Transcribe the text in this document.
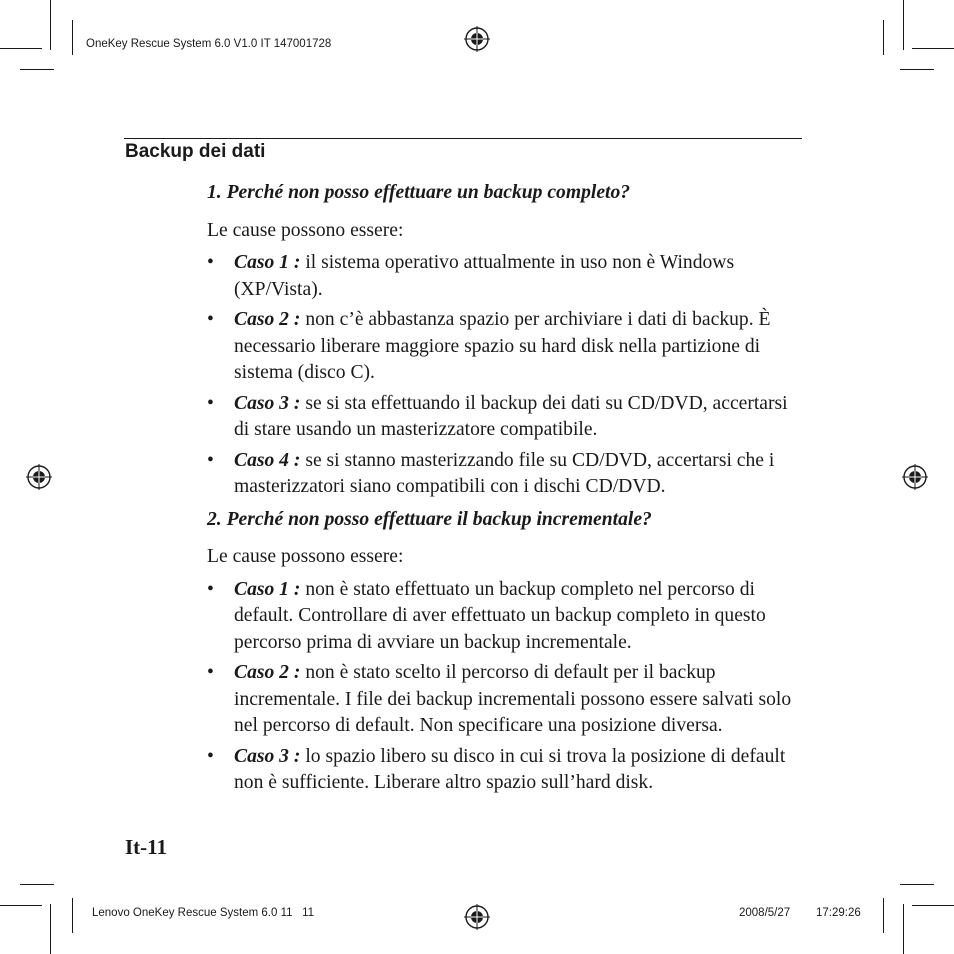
OneKey Rescue System 6.0 V1.0 IT 147001728
Backup dei dati

1. Perché non posso effettuare un backup completo?

Le cause possono essere:

• Caso 1 : il sistema operativo attualmente in uso non è Windows (XP/Vista).
• Caso 2 : non c’è abbastanza spazio per archiviare i dati di backup. È necessario liberare maggiore spazio su hard disk nella partizione di sistema (disco C).
• Caso 3 : se si sta effettuando il backup dei dati su CD/DVD, accertarsi di stare usando un masterizzatore compatibile.
• Caso 4 : se si stanno masterizzando file su CD/DVD, accertarsi che i masterizzatori siano compatibili con i dischi CD/DVD.

2. Perché non posso effettuare il backup incrementale?

Le cause possono essere:

• Caso 1 : non è stato effettuato un backup completo nel percorso di default. Controllare di aver effettuato un backup completo in questo percorso prima di avviare un backup incrementale.
• Caso 2 : non è stato scelto il percorso di default per il backup incrementale. I file dei backup incrementali possono essere salvati solo nel percorso di default. Non specificare una posizione diversa.
• Caso 3 : lo spazio libero su disco in cui si trova la posizione di default non è sufficiente. Liberare altro spazio sull’hard disk.
It-11
Lenovo OneKey Rescue System 6.0 11   11	2008/5/27 17:29:26
